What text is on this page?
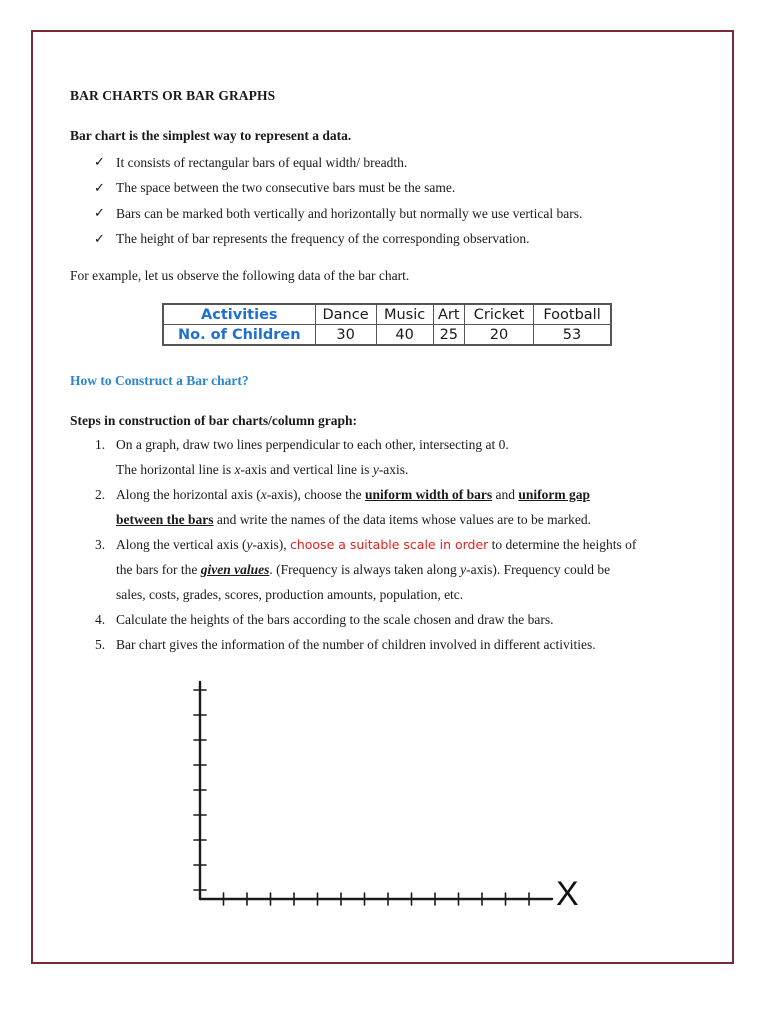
BAR CHARTS OR BAR GRAPHS
Bar chart is the simplest way to represent a data.
✓ It consists of rectangular bars of equal width/ breadth.
✓ The space between the two consecutive bars must be the same.
✓ Bars can be marked both vertically and horizontally but normally we use vertical bars.
✓ The height of bar represents the frequency of the corresponding observation.
For example, let us observe the following data of the bar chart.
Activities	Dance	Music	Art	Cricket	Football
No. of Children	30	40	25	20	53
How to Construct a Bar chart?
Steps in construction of bar charts/column graph:
1. On a graph, draw two lines perpendicular to each other, intersecting at 0.
The horizontal line is x-axis and vertical line is y-axis.
2. Along the horizontal axis (x-axis), choose the uniform width of bars and uniform gap
between the bars and write the names of the data items whose values are to be marked.
3. Along the vertical axis (y-axis), choose a suitable scale in order to determine the heights of
the bars for the given values. (Frequency is always taken along y-axis). Frequency could be
sales, costs, grades, scores, production amounts, population, etc.
4. Calculate the heights of the bars according to the scale chosen and draw the bars.
5. Bar chart gives the information of the number of children involved in different activities.
X
